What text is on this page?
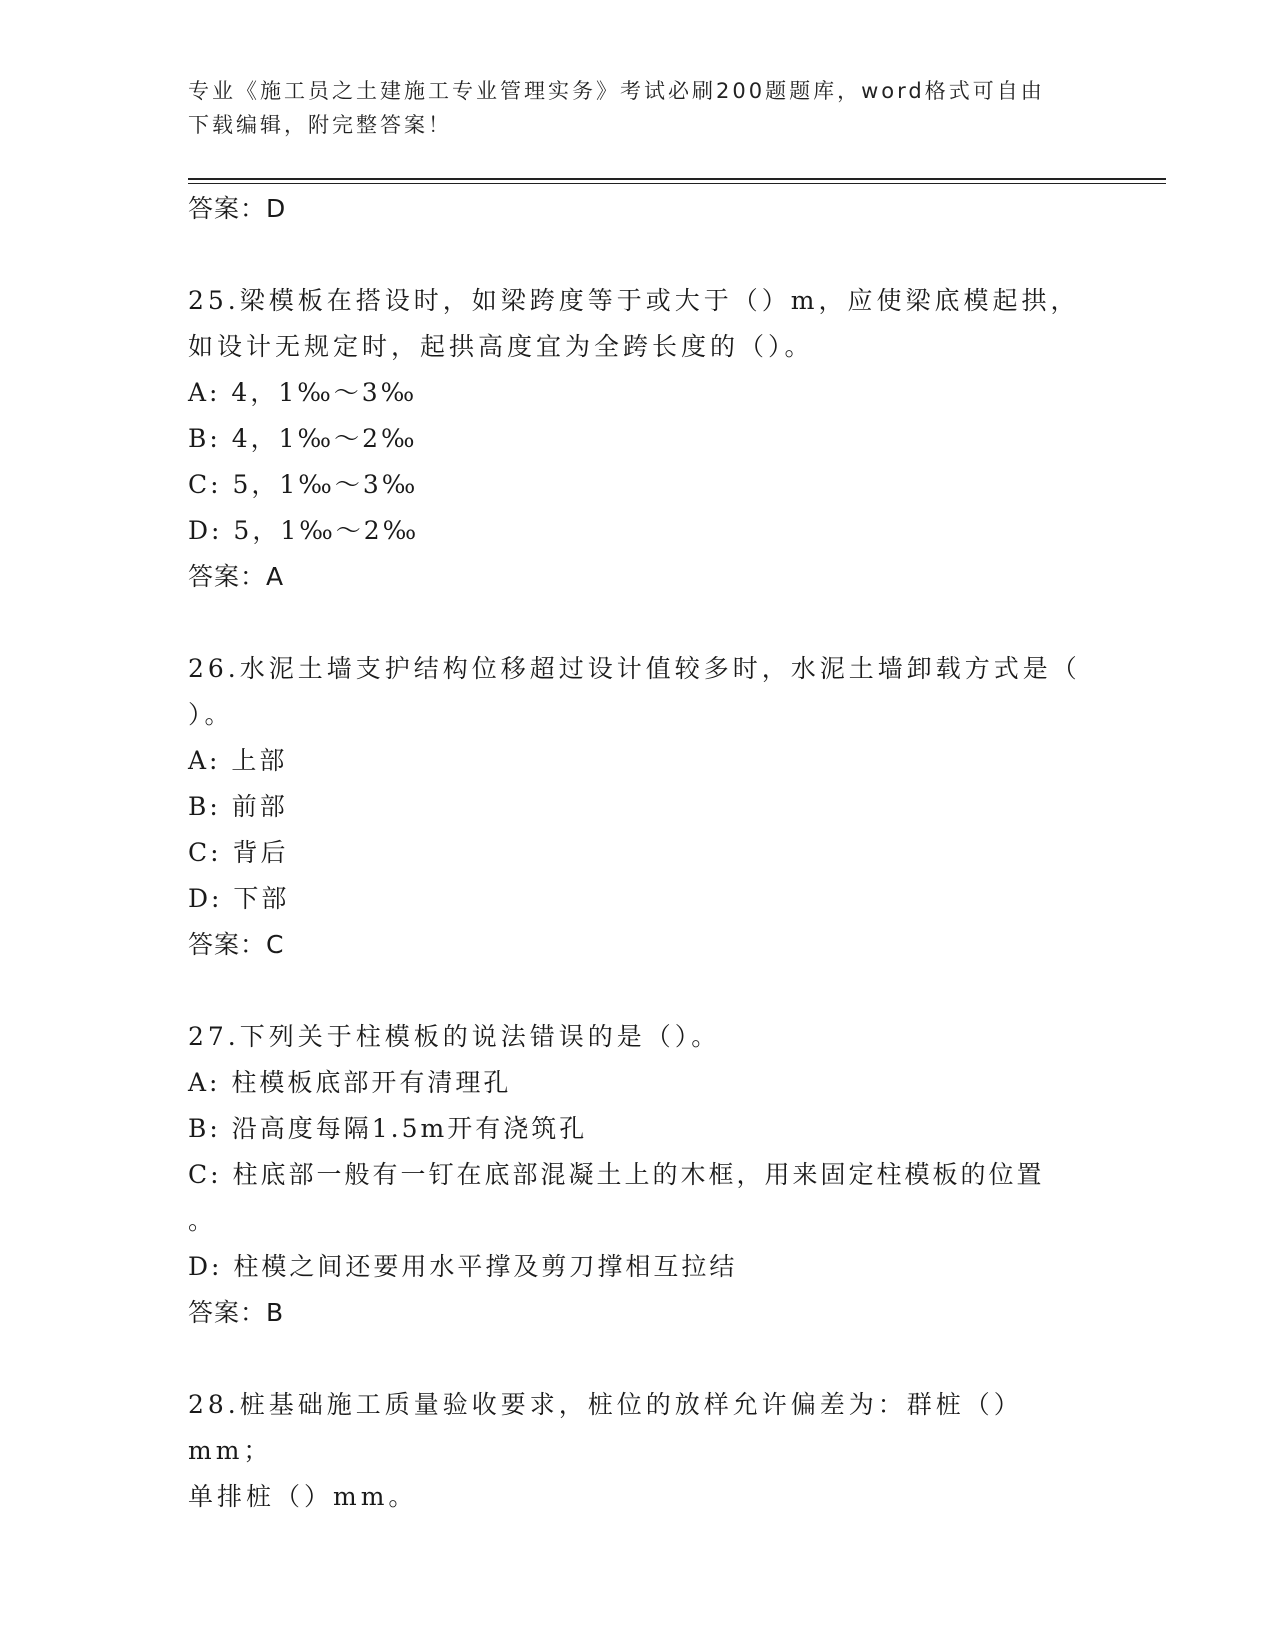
专业《施工员之土建施工专业管理实务》考试必刷200题题库，word格式可自由
下载编辑，附完整答案！

答案：D

25.梁模板在搭设时，如梁跨度等于或大于（）m，应使梁底模起拱，

如设计无规定时，起拱高度宜为全跨长度的（）。

A: 4，1‰～3‰

B: 4，1‰～2‰

C: 5，1‰～3‰

D: 5，1‰～2‰

答案：A

26.水泥土墙支护结构位移超过设计值较多时，水泥土墙卸载方式是（

）。

A: 上部

B: 前部

C: 背后

D: 下部

答案：C

27.下列关于柱模板的说法错误的是（）。

A: 柱模板底部开有清理孔

B: 沿高度每隔1.5m开有浇筑孔

C: 柱底部一般有一钉在底部混凝土上的木框，用来固定柱模板的位置

。

D: 柱模之间还要用水平撑及剪刀撑相互拉结

答案：B

28.桩基础施工质量验收要求，桩位的放样允许偏差为：群桩（）mm；

单排桩（）mm。
